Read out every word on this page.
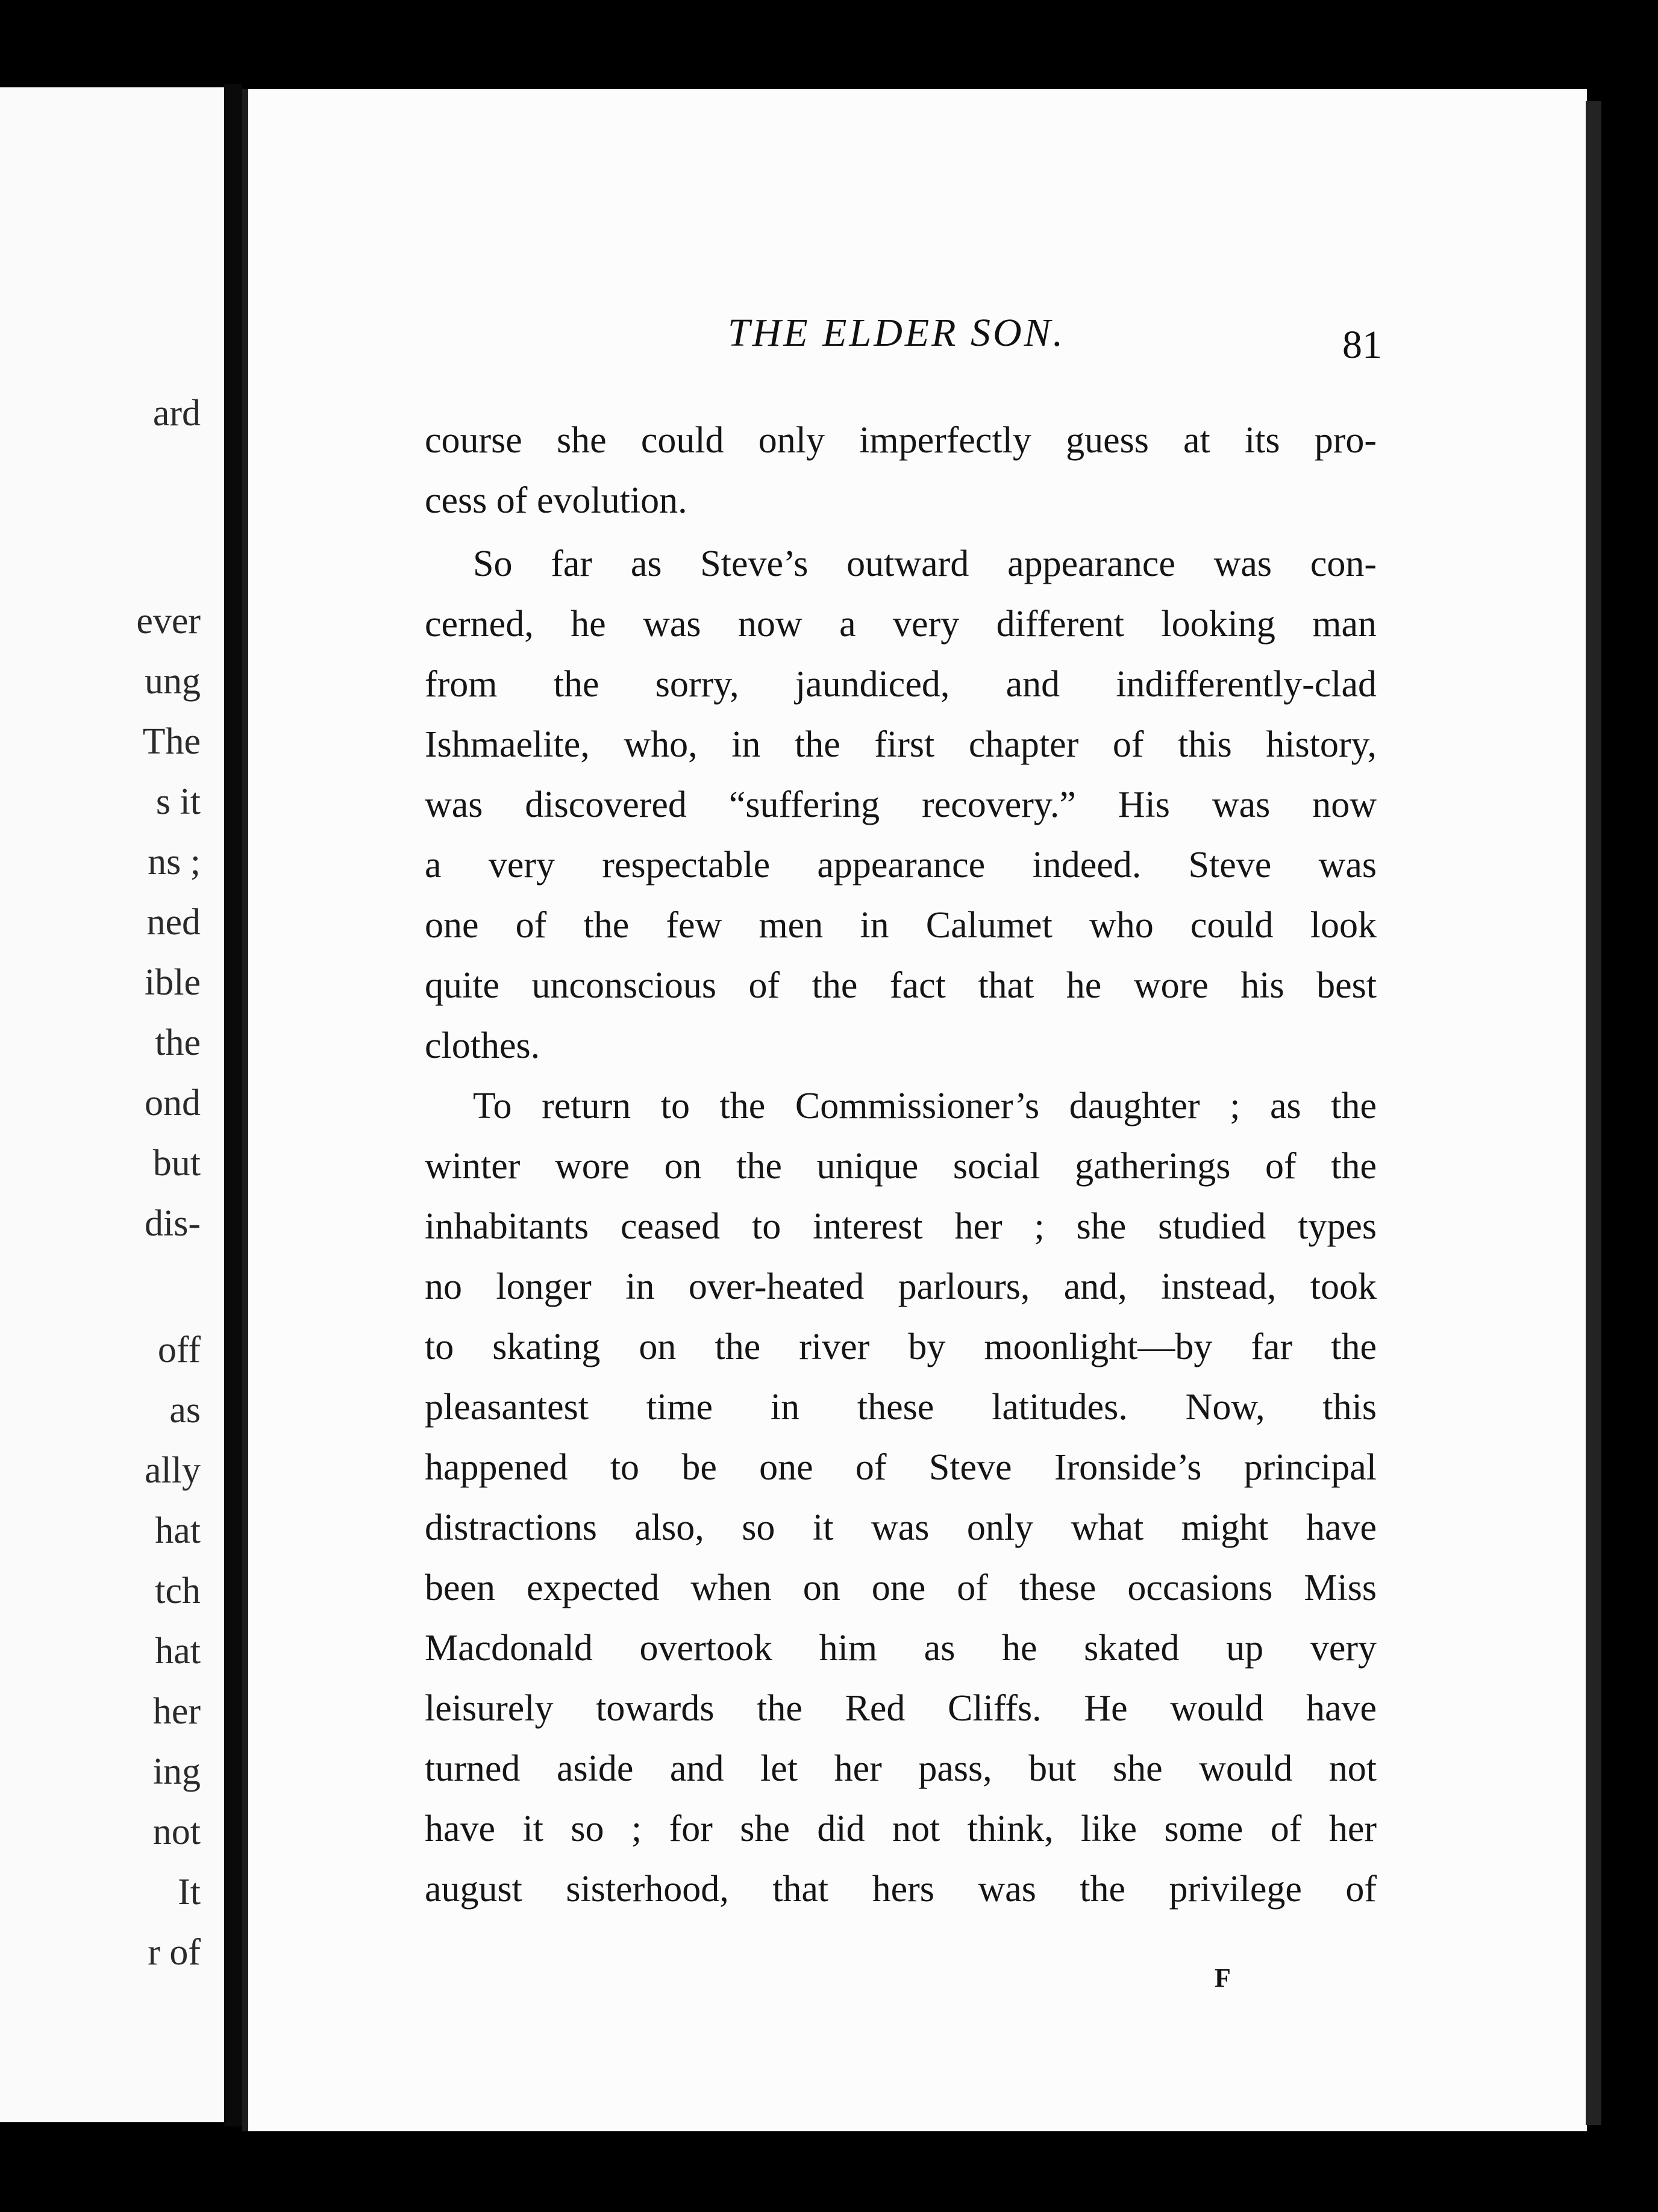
ard
ever
ung
The
s it
ns ;
ned
ible
the
ond
but
dis-
off
as
ally
hat
tch
hat
her
ing
not
It
r of
THE ELDER SON.	81
course she could only imperfectly guess at its pro-
cess of evolution.
So far as Steve’s outward appearance was con-
cerned, he was now a very different looking man
from the sorry, jaundiced, and indifferently-clad
Ishmaelite, who, in the first chapter of this history,
was discovered “suffering recovery.” His was now
a very respectable appearance indeed. Steve was
one of the few men in Calumet who could look
quite unconscious of the fact that he wore his best
clothes.
To return to the Commissioner’s daughter ; as the
winter wore on the unique social gatherings of the
inhabitants ceased to interest her ; she studied types
no longer in over-heated parlours, and, instead, took
to skating on the river by moonlight—by far the
pleasantest time in these latitudes. Now, this
happened to be one of Steve Ironside’s principal
distractions also, so it was only what might have
been expected when on one of these occasions Miss
Macdonald overtook him as he skated up very
leisurely towards the Red Cliffs. He would have
turned aside and let her pass, but she would not
have it so ; for she did not think, like some of her
august sisterhood, that hers was the privilege of
F
